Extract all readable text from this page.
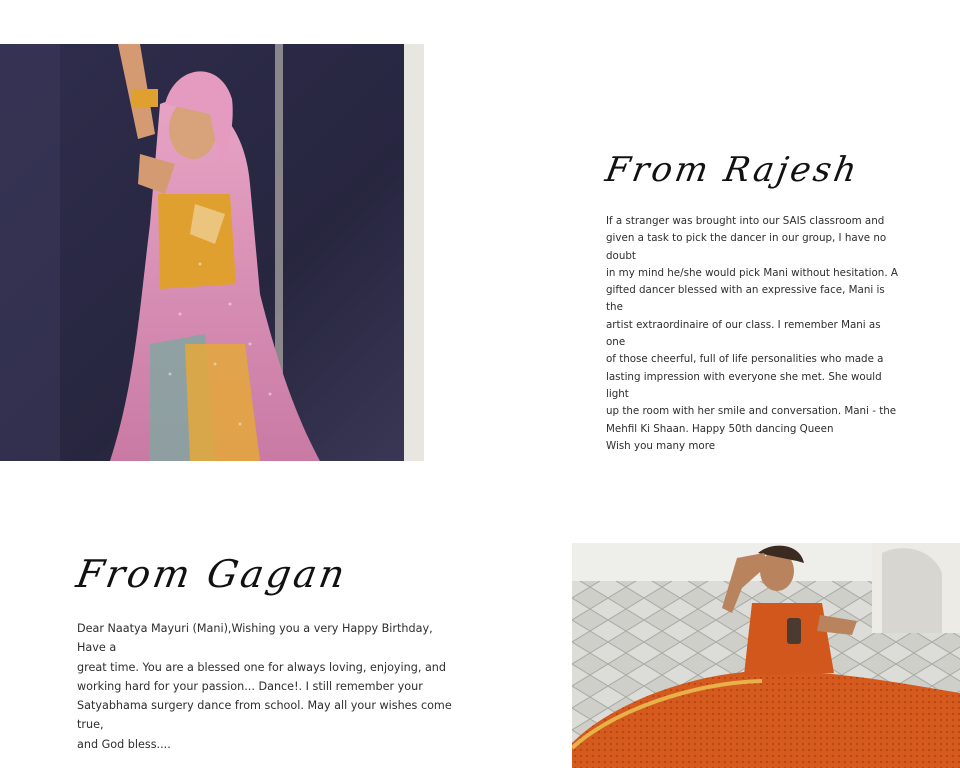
From Rajesh

If a stranger was brought into our SAIS classroom and
given a task to pick the dancer in our group, I have no doubt
in my mind he/she would pick Mani without hesitation. A
gifted dancer blessed with an expressive face, Mani is the
artist extraordinaire of our class. I remember Mani as one
of those cheerful, full of life personalities who made a
lasting impression with everyone she met. She would light
up the room with her smile and conversation. Mani - the
Mehfil Ki Shaan. Happy 50th dancing Queen
Wish you many more

From Gagan

Dear Naatya Mayuri (Mani),Wishing you a very Happy Birthday, Have a
great time. You are a blessed one for always loving, enjoying, and
working hard for your passion... Dance!. I still remember your
Satyabhama surgery dance from school. May all your wishes come true,
and God bless....
